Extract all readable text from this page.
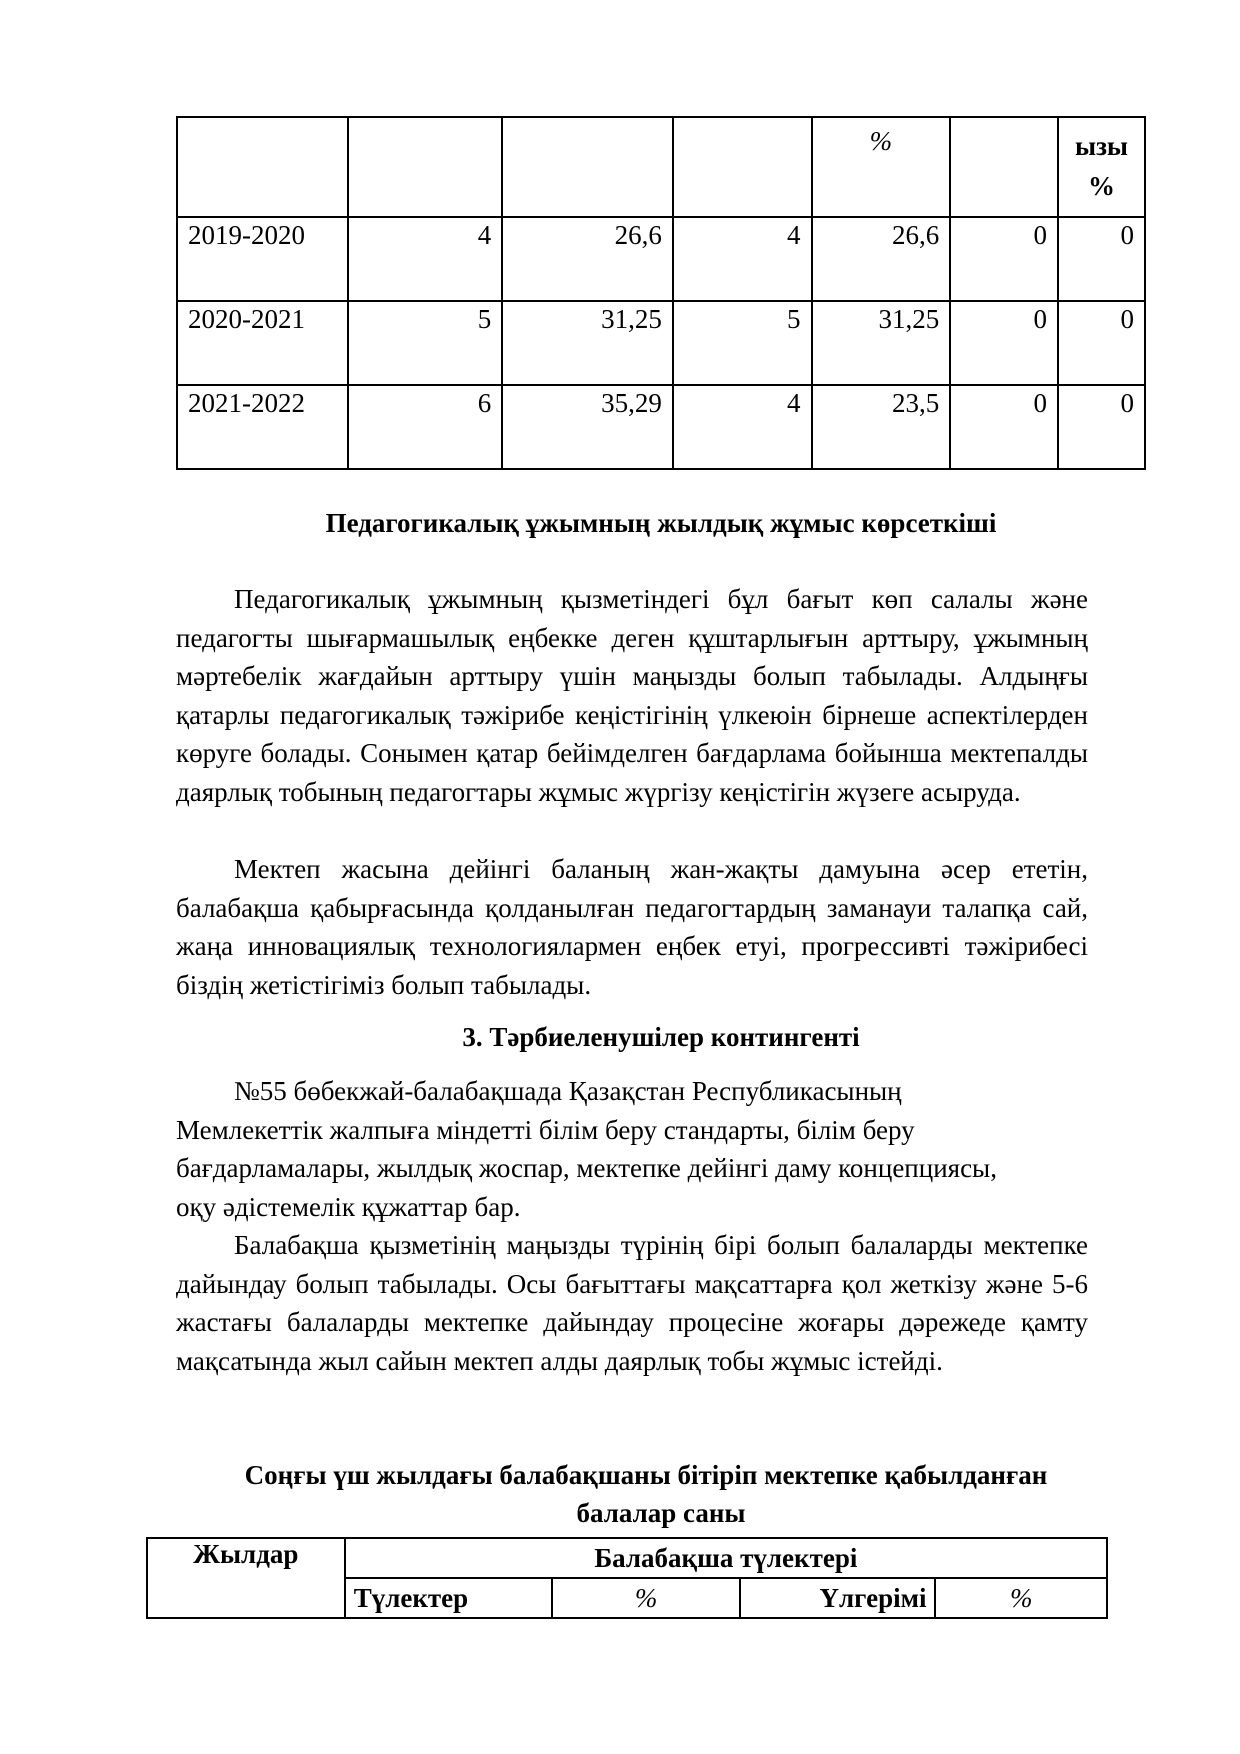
				%		ызы %
2019-2020	4	26,6	4	26,6	0	0
2020-2021	5	31,25	5	31,25	0	0
2021-2022	6	35,29	4	23,5	0	0
Педагогикалық ұжымның жылдық жұмыс көрсеткіші

Педагогикалық ұжымның қызметіндегі бұл бағыт көп салалы және педагогты шығармашылық еңбекке деген құштарлығын арттыру, ұжымның мәртебелік жағдайын арттыру үшін маңызды болып табылады. Алдыңғы қатарлы педагогикалық тәжірибе кеңістігінің үлкеюін бірнеше аспектілерден көруге болады. Сонымен қатар бейімделген бағдарлама бойынша мектепалды даярлық тобының педагогтары жұмыс жүргізу кеңістігін жүзеге асыруда.

Мектеп жасына дейінгі баланың жан-жақты дамуына әсер ететін, балабақша қабырғасында қолданылған педагогтардың заманауи талапқа сай, жаңа инновациялық технологиялармен еңбек етуі, прогрессивті тәжірибесі біздің жетістігіміз болып табылады.

3. Тәрбиеленушілер контингенті
№55 бөбекжай-балабақшада Қазақстан Республикасының
Мемлекеттік жалпыға міндетті білім беру стандарты, білім беру
бағдарламалары, жылдық жоспар, мектепке дейінгі даму концепциясы,
оқу әдістемелік құжаттар бар.

Балабақша қызметінің маңызды түрінің бірі болып балаларды мектепке дайындау болып табылады. Осы бағыттағы мақсаттарға қол жеткізу және 5-6 жастағы балаларды мектепке дайындау процесіне жоғары дәрежеде қамту мақсатында жыл сайын мектеп алды даярлық тобы жұмыс істейді.

Соңғы үш жылдағы балабақшаны бітіріп мектепке қабылданған
балалар саны
Жылдар	Балабақша түлектері			
	Түлектер	%	Үлгерімі	%
